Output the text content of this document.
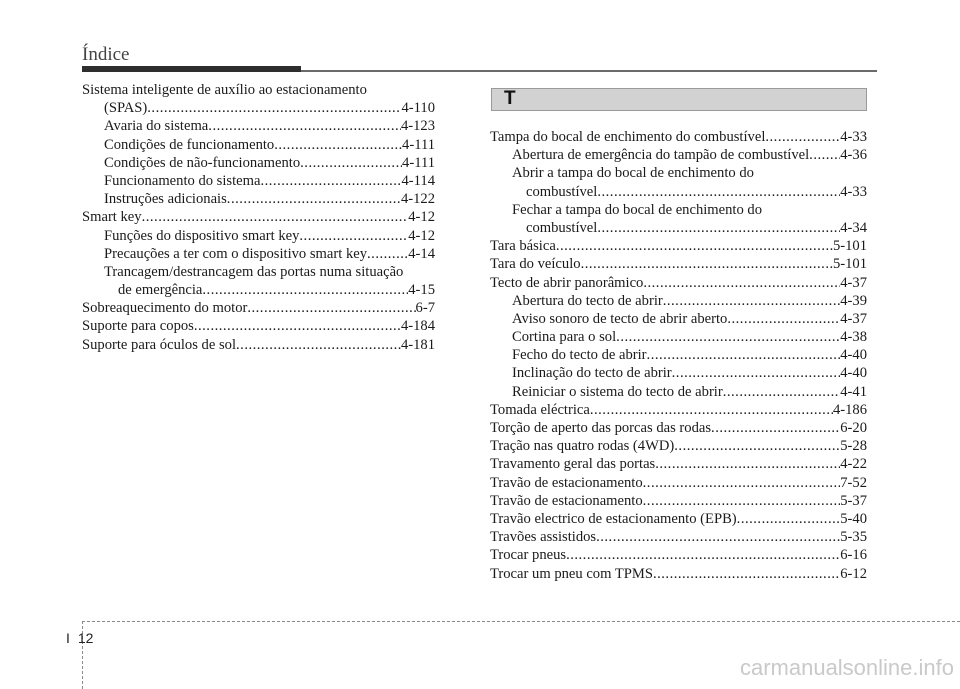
Índice
Sistema inteligente de auxílio ao estacionamento
(SPAS) .....	4-110
Avaria do sistema .....	4-123
Condições de funcionamento .....	4-111
Condições de não-funcionamento .....	4-111
Funcionamento do sistema .....	4-114
Instruções adicionais .....	4-122
Smart key .....	4-12
Funções do dispositivo smart key .....	4-12
Precauções a ter com o dispositivo smart key .....	4-14
Trancagem/destrancagem das portas numa situação
de emergência .....	4-15
Sobreaquecimento do motor .....	6-7
Suporte para copos .....	4-184
Suporte para óculos de sol .....	4-181
T
Tampa do bocal de enchimento do combustível .....	4-33
Abertura de emergência do tampão de combustível ..... 4-36
Abrir a tampa do bocal de enchimento do
combustível .....	4-33
Fechar a tampa do bocal de enchimento do
combustível .....	4-34
Tara básica .....	5-101
Tara do veículo .....	5-101
Tecto de abrir panorâmico .....	4-37
Abertura do tecto de abrir .....	4-39
Aviso sonoro de tecto de abrir aberto .....	4-37
Cortina para o sol .....	4-38
Fecho do tecto de abrir .....	4-40
Inclinação do tecto de abrir .....	4-40
Reiniciar o sistema do tecto de abrir .....	4-41
Tomada eléctrica .....	4-186
Torção de aperto das porcas das rodas .....	6-20
Tração nas quatro rodas (4WD) .....	5-28
Travamento geral das portas .....	4-22
Travão de estacionamento .....	7-52
Travão de estacionamento .....	5-37
Travão electrico de estacionamento (EPB) .....	5-40
Travões assistidos .....	5-35
Trocar pneus .....	6-16
Trocar um pneu com TPMS .....	6-12
I 12
carmanualsonline.info
